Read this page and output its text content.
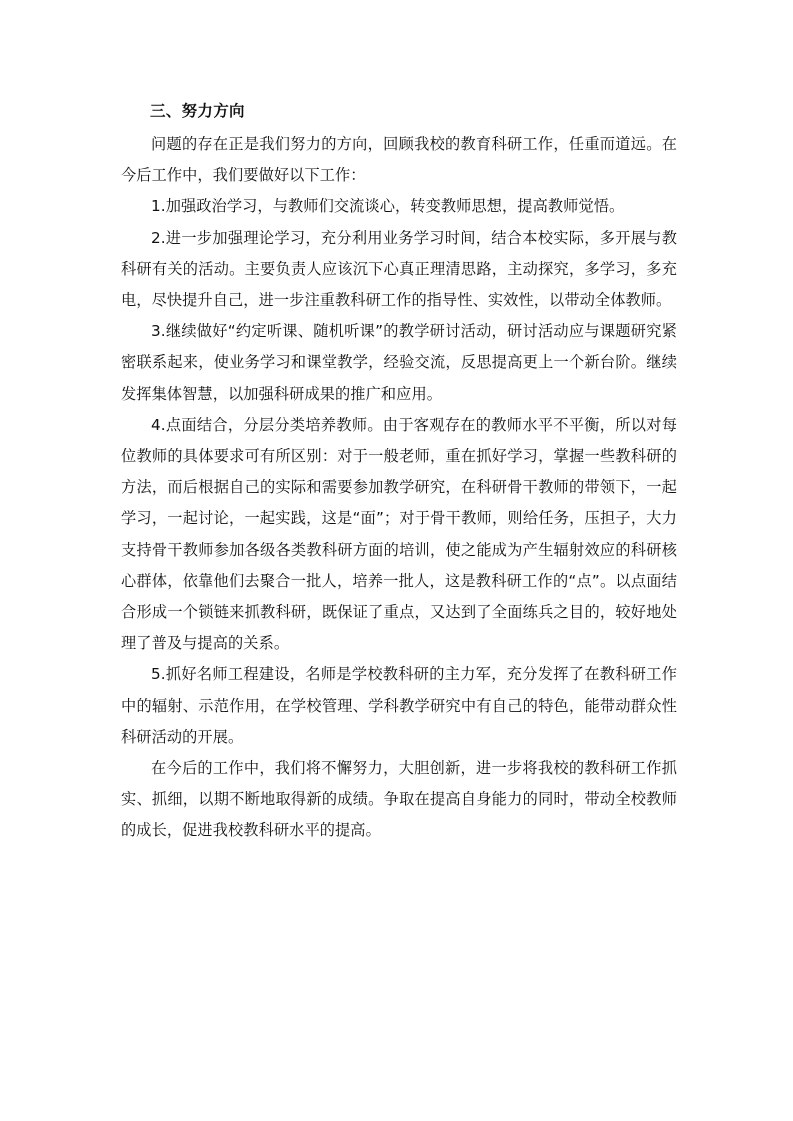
三、努力方向

问题的存在正是我们努力的方向，回顾我校的教育科研工作，任重而道远。在今后工作中，我们要做好以下工作：

1.加强政治学习，与教师们交流谈心，转变教师思想，提高教师觉悟。

2.进一步加强理论学习，充分利用业务学习时间，结合本校实际，多开展与教科研有关的活动。主要负责人应该沉下心真正理清思路，主动探究，多学习，多充电，尽快提升自己，进一步注重教科研工作的指导性、实效性，以带动全体教师。

3.继续做好“约定听课、随机听课”的教学研讨活动，研讨活动应与课题研究紧密联系起来，使业务学习和课堂教学，经验交流，反思提高更上一个新台阶。继续发挥集体智慧，以加强科研成果的推广和应用。

4.点面结合，分层分类培养教师。由于客观存在的教师水平不平衡，所以对每位教师的具体要求可有所区别：对于一般老师，重在抓好学习，掌握一些教科研的方法，而后根据自己的实际和需要参加教学研究，在科研骨干教师的带领下，一起学习，一起讨论，一起实践，这是“面”；对于骨干教师，则给任务，压担子，大力支持骨干教师参加各级各类教科研方面的培训，使之能成为产生辐射效应的科研核心群体，依靠他们去聚合一批人，培养一批人，这是教科研工作的“点”。以点面结合形成一个锁链来抓教科研，既保证了重点，又达到了全面练兵之目的，较好地处理了普及与提高的关系。

5.抓好名师工程建设，名师是学校教科研的主力军，充分发挥了在教科研工作中的辐射、示范作用，在学校管理、学科教学研究中有自己的特色，能带动群众性科研活动的开展。

在今后的工作中，我们将不懈努力，大胆创新，进一步将我校的教科研工作抓实、抓细，以期不断地取得新的成绩。争取在提高自身能力的同时，带动全校教师的成长，促进我校教科研水平的提高。
